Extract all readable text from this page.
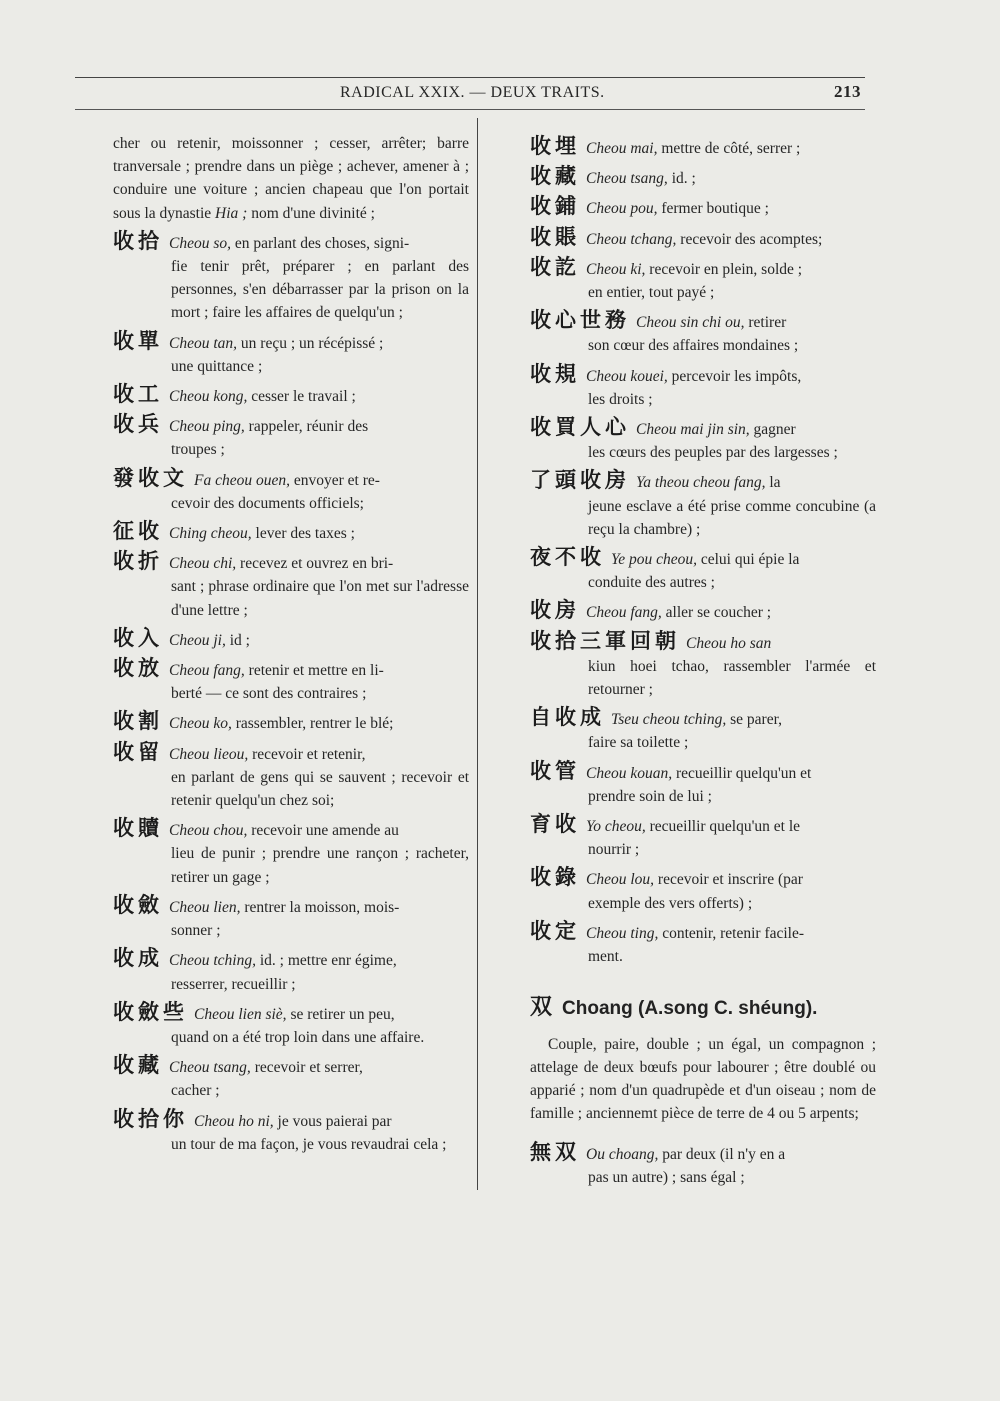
RADICAL XXIX. — DEUX TRAITS.	213

cher ou retenir, moissonner ; cesser, arrêter; barre tranversale ; prendre dans un piège ; achever, amener à ; conduire une voiture ; ancien chapeau que l'on portait sous la dynastie Hia ; nom d'une divinité ;

收拾 Cheou so, en parlant des choses, signi-

fie tenir prêt, préparer ; en parlant des personnes, s'en débarrasser par la prison on la mort ; faire les affaires de quelqu'un ;

收單 Cheou tan, un reçu ; un récépissé ;

une quittance ;

收工 Cheou kong, cesser le travail ;

收兵 Cheou ping, rappeler, réunir des

troupes ;

發收文 Fa cheou ouen, envoyer et re-

cevoir des documents officiels;

征收 Ching cheou, lever des taxes ;

收折 Cheou chi, recevez et ouvrez en bri-

sant ; phrase ordinaire que l'on met sur l'adresse d'une lettre ;

收入 Cheou ji, id ;

收放 Cheou fang, retenir et mettre en li-

berté — ce sont des contraires ;

收割 Cheou ko, rassembler, rentrer le blé;

收留 Cheou lieou, recevoir et retenir,

en parlant de gens qui se sauvent ; recevoir et retenir quelqu'un chez soi;

收贖 Cheou chou, recevoir une amende au

lieu de punir ; prendre une rançon ; racheter, retirer un gage ;

收斂 Cheou lien, rentrer la moisson, mois-

sonner ;

收成 Cheou tching, id. ; mettre enr égime,

resserrer, recueillir ;

收斂些 Cheou lien siè, se retirer un peu,

quand on a été trop loin dans une affaire.

收藏 Cheou tsang, recevoir et serrer,

cacher ;

收拾你 Cheou ho ni, je vous paierai par

un tour de ma façon, je vous revaudrai cela ;

收埋 Cheou mai, mettre de côté, serrer ;

收藏 Cheou tsang, id. ;

收鋪 Cheou pou, fermer boutique ;

收賬 Cheou tchang, recevoir des acomptes;

收訖 Cheou ki, recevoir en plein, solde ;

en entier, tout payé ;

收心世務 Cheou sin chi ou, retirer

son cœur des affaires mondaines ;

收規 Cheou kouei, percevoir les impôts,

les droits ;

收買人心 Cheou mai jin sin, gagner

les cœurs des peuples par des largesses ;

了頭收房 Ya theou cheou fang, la

jeune esclave a été prise comme concubine (a reçu la chambre) ;

夜不收 Ye pou cheou, celui qui épie la

conduite des autres ;

收房 Cheou fang, aller se coucher ;

收拾三軍回朝 Cheou ho san

kiun hoei tchao, rassembler l'armée et retourner ;

自收成 Tseu cheou tching, se parer,

faire sa toilette ;

收管 Cheou kouan, recueillir quelqu'un et

prendre soin de lui ;

育收 Yo cheou, recueillir quelqu'un et le

nourrir ;

收錄 Cheou lou, recevoir et inscrire (par

exemple des vers offerts) ;

收定 Cheou ting, contenir, retenir facile-

ment.

双 Choang (A.song C. shéung).

Couple, paire, double ; un égal, un compagnon ; attelage de deux bœufs pour labourer ; être doublé ou apparié ; nom d'un quadrupède et d'un oiseau ; nom de famille ; anciennemt pièce de terre de 4 ou 5 arpents;

無双 Ou choang, par deux (il n'y en a

pas un autre) ; sans égal ;
